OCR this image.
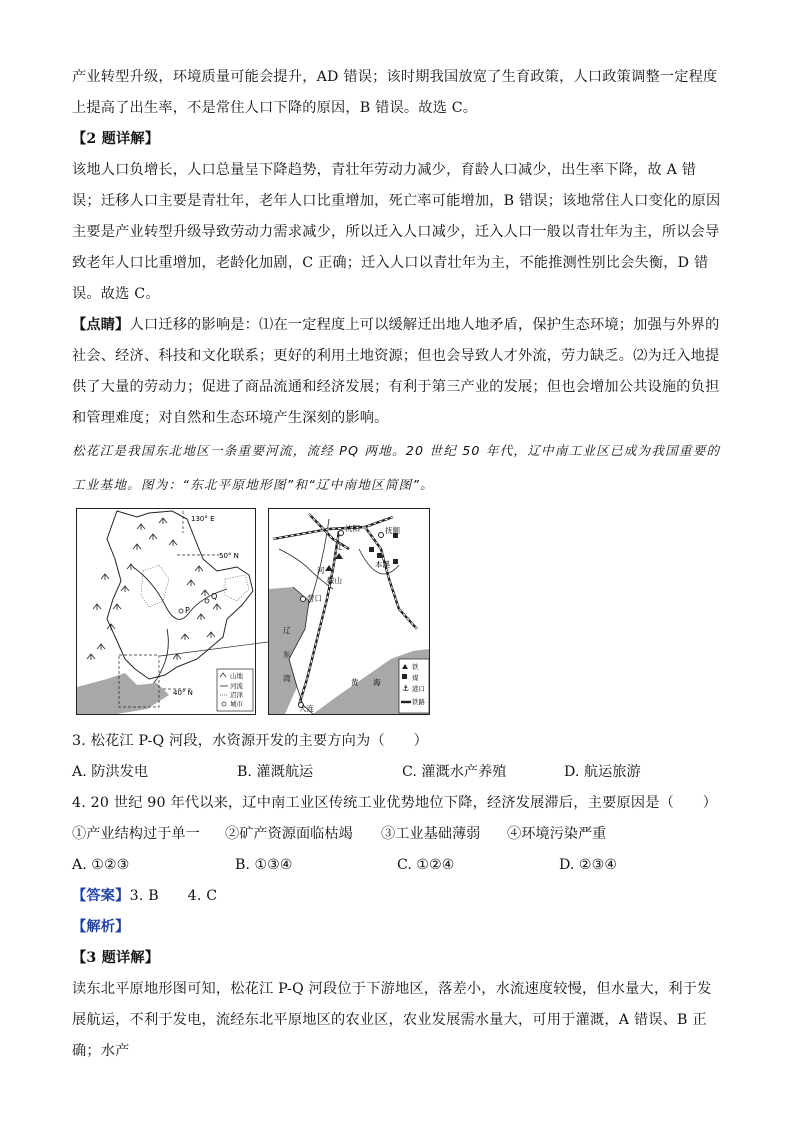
产业转型升级，环境质量可能会提升，AD 错误；该时期我国放宽了生育政策，人口政策调整一定程度上提高了出生率，不是常住人口下降的原因，B 错误。故选 C。

【2 题详解】

该地人口负增长，人口总量呈下降趋势，青壮年劳动力减少，育龄人口减少，出生率下降，故 A 错误；迁移人口主要是青壮年，老年人口比重增加，死亡率可能增加，B 错误；该地常住人口变化的原因主要是产业转型升级导致劳动力需求减少，所以迁入人口减少，迁入人口一般以青壮年为主，所以会导致老年人口比重增加，老龄化加剧，C 正确；迁入人口以青壮年为主，不能推测性别比会失衡，D 错误。故选 C。

【点睛】人口迁移的影响是：⑴在一定程度上可以缓解迁出地人地矛盾，保护生态环境；加强与外界的社会、经济、科技和文化联系；更好的利用土地资源；但也会导致人才外流，劳力缺乏。⑵为迁入地提供了大量的劳动力；促进了商品流通和经济发展；有利于第三产业的发展；但也会增加公共设施的负担和管理难度；对自然和生态环境产生深刻的影响。

松花江是我国东北地区一条重要河流，流经 PQ 两地。20 世纪 50 年代，辽中南工业区已成为我国重要的工业基地。图为：“东北平原地形图”和“辽中南地区简图”。

130° E
50° N
40° N
P
Q
山地
河流
沼泽
城市
沈阳	抚顺
本溪
鞍山
营口
大连
辽
河
辽
东
湾	黄 海
铁
煤
⚓ 港口
铁路

3. 松花江 P-Q 河段，水资源开发的主要方向为（　　）

A. 防洪发电	B. 灌溉航运	C. 灌溉水产养殖	D. 航运旅游

4. 20 世纪 90 年代以来，辽中南工业区传统工业优势地位下降，经济发展滞后，主要原因是（　　）

①产业结构过于单一	②矿产资源面临枯竭	③工业基础薄弱	④环境污染严重
A. ①②③	B. ①③④	C. ①②④	D. ②③④

【答案】3. B　　4. C

【解析】

【3 题详解】

读东北平原地形图可知，松花江 P-Q 河段位于下游地区，落差小，水流速度较慢，但水量大，利于发展航运，不利于发电，流经东北平原地区的农业区，农业发展需水量大，可用于灌溉，A 错误、B 正确；水产
